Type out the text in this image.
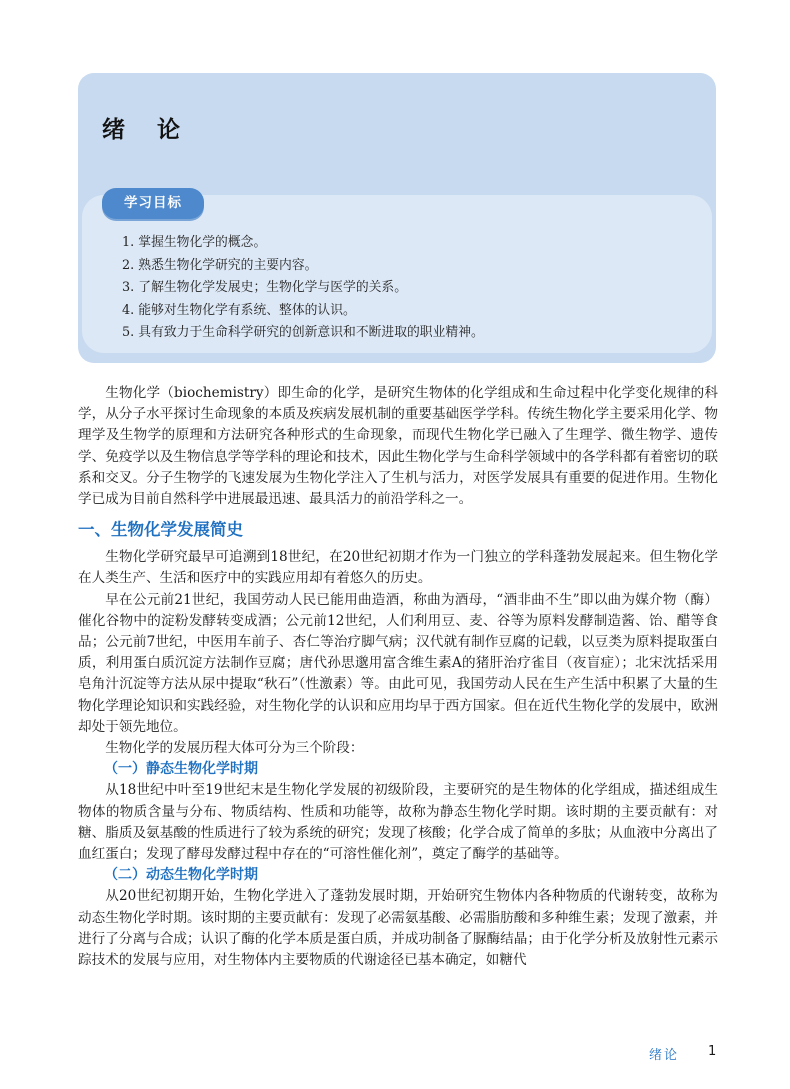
绪 论
学习目标
1. 掌握生物化学的概念。
2. 熟悉生物化学研究的主要内容。
3. 了解生物化学发展史；生物化学与医学的关系。
4. 能够对生物化学有系统、整体的认识。
5. 具有致力于生命科学研究的创新意识和不断进取的职业精神。

生物化学（biochemistry）即生命的化学，是研究生物体的化学组成和生命过程中化学变化规律的科学，从分子水平探讨生命现象的本质及疾病发展机制的重要基础医学学科。传统生物化学主要采用化学、物理学及生物学的原理和方法研究各种形式的生命现象，而现代生物化学已融入了生理学、微生物学、遗传学、免疫学以及生物信息学等学科的理论和技术，因此生物化学与生命科学领域中的各学科都有着密切的联系和交叉。分子生物学的飞速发展为生物化学注入了生机与活力，对医学发展具有重要的促进作用。生物化学已成为目前自然科学中进展最迅速、最具活力的前沿学科之一。

一、生物化学发展简史

生物化学研究最早可追溯到18世纪，在20世纪初期才作为一门独立的学科蓬勃发展起来。但生物化学在人类生产、生活和医疗中的实践应用却有着悠久的历史。

早在公元前21世纪，我国劳动人民已能用曲造酒，称曲为酒母，“酒非曲不生”即以曲为媒介物（酶）催化谷物中的淀粉发酵转变成酒；公元前12世纪，人们利用豆、麦、谷等为原料发酵制造酱、饴、醋等食品；公元前7世纪，中医用车前子、杏仁等治疗脚气病；汉代就有制作豆腐的记载，以豆类为原料提取蛋白质，利用蛋白质沉淀方法制作豆腐；唐代孙思邈用富含维生素A的猪肝治疗雀目（夜盲症）；北宋沈括采用皂角汁沉淀等方法从尿中提取“秋石”（性激素）等。由此可见，我国劳动人民在生产生活中积累了大量的生物化学理论知识和实践经验，对生物化学的认识和应用均早于西方国家。但在近代生物化学的发展中，欧洲却处于领先地位。

生物化学的发展历程大体可分为三个阶段：

（一）静态生物化学时期

从18世纪中叶至19世纪末是生物化学发展的初级阶段，主要研究的是生物体的化学组成，描述组成生物体的物质含量与分布、物质结构、性质和功能等，故称为静态生物化学时期。该时期的主要贡献有：对糖、脂质及氨基酸的性质进行了较为系统的研究；发现了核酸；化学合成了简单的多肽；从血液中分离出了血红蛋白；发现了酵母发酵过程中存在的“可溶性催化剂”，奠定了酶学的基础等。

（二）动态生物化学时期

从20世纪初期开始，生物化学进入了蓬勃发展时期，开始研究生物体内各种物质的代谢转变，故称为动态生物化学时期。该时期的主要贡献有：发现了必需氨基酸、必需脂肪酸和多种维生素；发现了激素，并进行了分离与合成；认识了酶的化学本质是蛋白质，并成功制备了脲酶结晶；由于化学分析及放射性元素示踪技术的发展与应用，对生物体内主要物质的代谢途径已基本确定，如糖代

绪论 1
